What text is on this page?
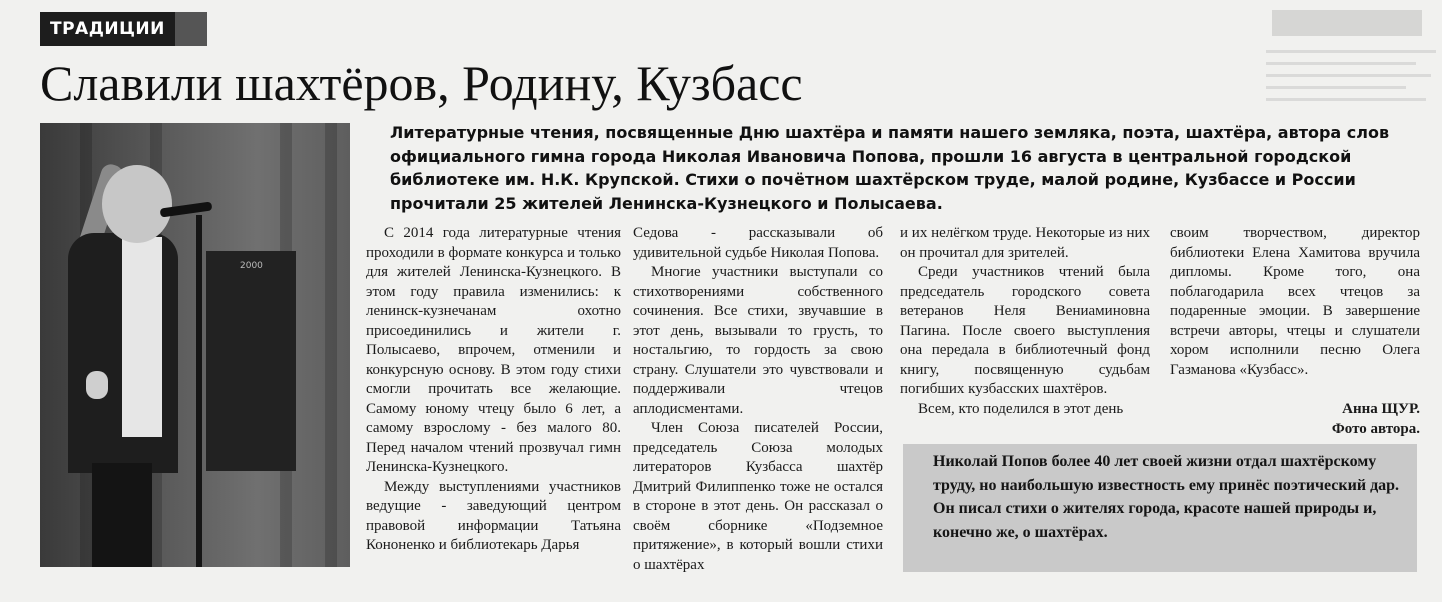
ТРАДИЦИИ
Славили шахтёров, Родину, Кузбасс
2000

Литературные чтения, посвященные Дню шахтёра и памяти нашего земляка, поэта, шахтёра, автора слов официального гимна города Николая Ивановича Попова, прошли 16 августа в центральной городской библиотеке им. Н.К. Крупской. Стихи о почётном шахтёрском труде, малой родине, Кузбассе и России прочитали 25 жителей Ленинска-Кузнецкого и Полысаева.

С 2014 года литературные чтения проходили в формате конкурса и только для жителей Ленинска-Кузнецкого. В этом году правила изменились: к ленинск-кузнечанам охотно присоединились и жители г. Полысаево, впрочем, отменили и конкурсную основу. В этом году стихи смогли прочитать все желающие. Самому юному чтецу было 6 лет, а самому взрослому - без малого 80. Перед началом чтений прозвучал гимн Ленинска-Кузнецкого.

Между выступлениями участников ведущие - заведующий центром правовой информации Татьяна Кононенко и библиотекарь Дарья

Седова - рассказывали об удивительной судьбе Николая Попова.

Многие участники выступали со стихотворениями собственного сочинения. Все стихи, звучавшие в этот день, вызывали то грусть, то ностальгию, то гордость за свою страну. Слушатели это чувствовали и поддерживали чтецов аплодисментами.

Член Союза писателей России, председатель Союза молодых литераторов Кузбасса шахтёр Дмитрий Филиппенко тоже не остался в стороне в этот день. Он рассказал о своём сборнике «Подземное притяжение», в который вошли стихи о шахтёрах

и их нелёгком труде. Некоторые из них он прочитал для зрителей.

Среди участников чтений была председатель городского совета ветеранов Неля Вениаминовна Пагина. После своего выступления она передала в библиотечный фонд книгу, посвященную судьбам погибших кузбасских шахтёров.

Всем, кто поделился в этот день

своим творчеством, директор библиотеки Елена Хамитова вручила дипломы. Кроме того, она поблагодарила всех чтецов за подаренные эмоции. В завершение встречи авторы, чтецы и слушатели хором исполнили песню Олега Газманова «Кузбасс».

Анна ЩУР.
Фото автора.
Николай Попов более 40 лет своей жизни отдал шахтёрскому труду, но наибольшую известность ему принёс поэтический дар. Он писал стихи о жителях города, красоте нашей природы и, конечно же, о шахтёрах.
